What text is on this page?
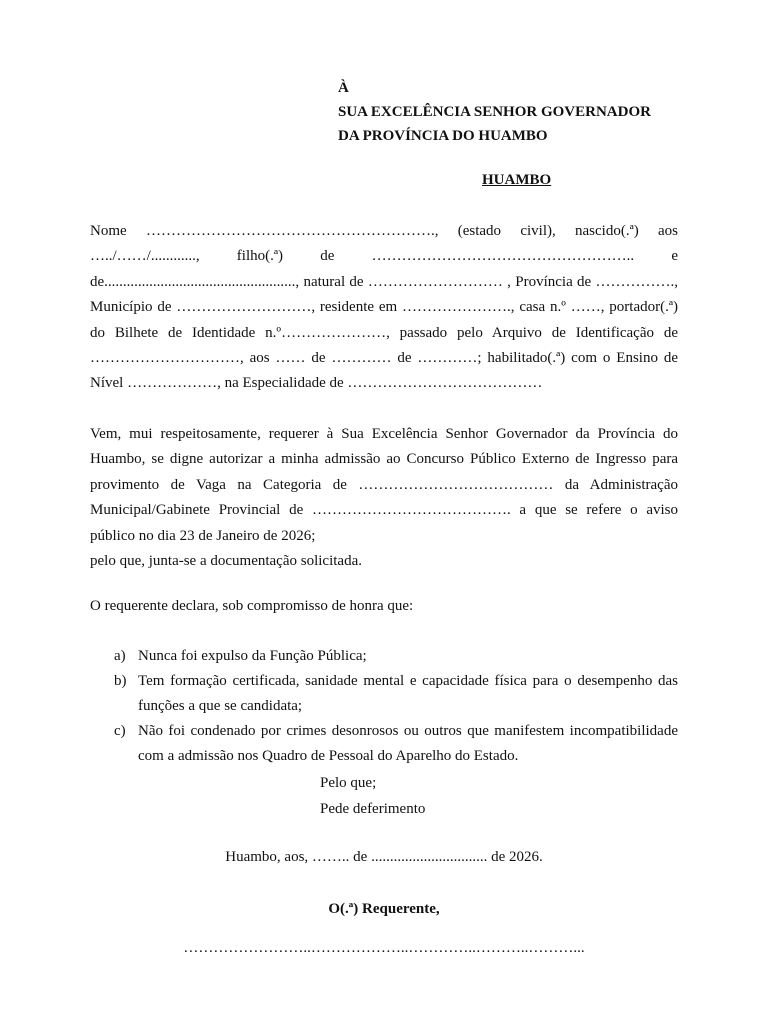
À
SUA EXCELÊNCIA SENHOR GOVERNADOR
DA PROVÍNCIA DO HUAMBO
HUAMBO
Nome …………………………………………………., (estado civil), nascido(.ª) aos …../……/............, filho(.ª) de …………………………………………….. e de..................................................., natural de ……………………… , Província de ……………., Município de ………………………, residente em …………………., casa n.º ……, portador(.ª) do Bilhete de Identidade n.º…………………, passado pelo Arquivo de Identificação de …………………………, aos …… de ………… de …………; habilitado(.ª) com o Ensino de Nível ………………, na Especialidade de …………………………………
Vem, mui respeitosamente, requerer à Sua Excelência Senhor Governador da Província do Huambo, se digne autorizar a minha admissão ao Concurso Público Externo de Ingresso para provimento de Vaga na Categoria de ………………………………… da Administração Municipal/Gabinete Provincial de …………………………………. a que se refere o aviso público no dia 23 de Janeiro de 2026;
pelo que, junta-se a documentação solicitada.
O requerente declara, sob compromisso de honra que:
a) Nunca foi expulso da Função Pública;
b) Tem formação certificada, sanidade mental e capacidade física para o desempenho das funções a que se candidata;
c) Não foi condenado por crimes desonrosos ou outros que manifestem incompatibilidade com a admissão nos Quadro de Pessoal do Aparelho do Estado.
Pelo que;
Pede deferimento
Huambo, aos, …….. de ............................... de 2026.
O(.ª) Requerente,
……………………..………………..…………..………..………...
